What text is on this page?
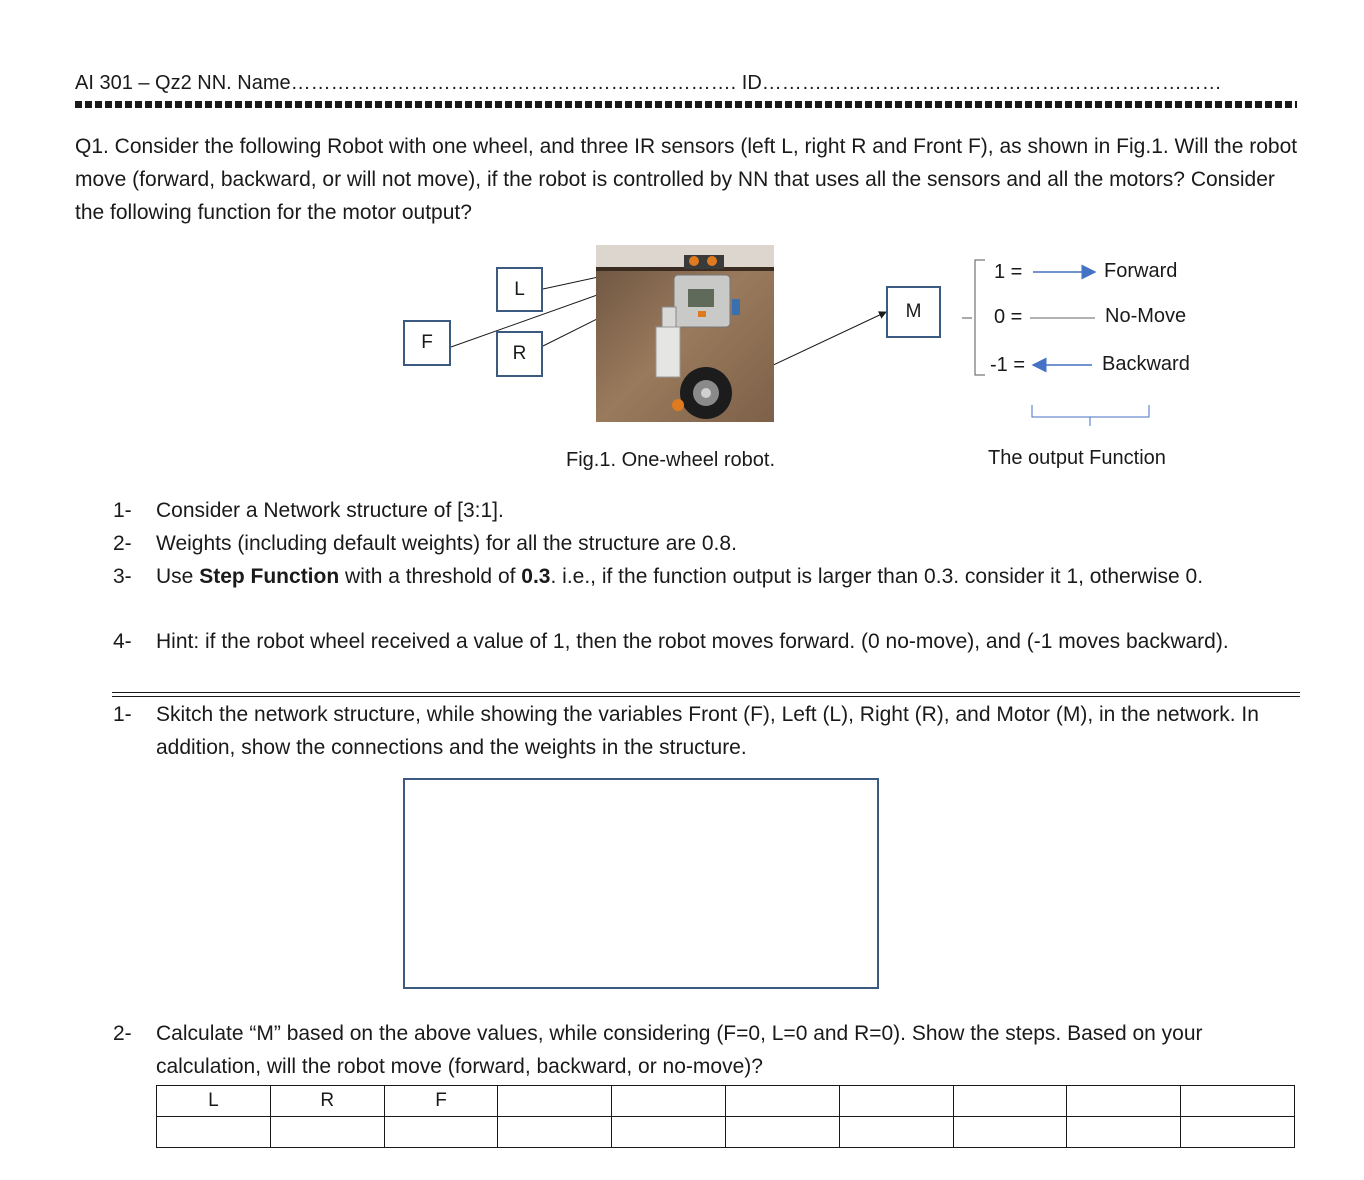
AI 301 – Qz2 NN. Name…………………………………………………………. ID……………………………………………………………
Q1. Consider the following Robot with one wheel, and three IR sensors (left L, right R and Front F), as shown in Fig.1. Will the robot move (forward, backward, or will not move), if the robot is controlled by NN that uses all the sensors and all the motors? Consider the following function for the motor output?
L
F
R
M
1 =	Forward
0 =	No-Move
-1 =	Backward
Fig.1. One-wheel robot.	The output Function
1-	Consider a Network structure of [3:1].
2-	Weights (including default weights) for all the structure are 0.8.
3-	Use Step Function with a threshold of 0.3. i.e., if the function output is larger than 0.3. consider it 1, otherwise 0.
4-	Hint: if the robot wheel received a value of 1, then the robot moves forward. (0 no-move), and (-1 moves backward).
1-	Skitch the network structure, while showing the variables Front (F), Left (L), Right (R), and Motor (M), in the network. In addition, show the connections and the weights in the structure.
2-	Calculate “M” based on the above values, while considering (F=0, L=0 and R=0). Show the steps. Based on your calculation, will the robot move (forward, backward, or no-move)?
L	R	F							
